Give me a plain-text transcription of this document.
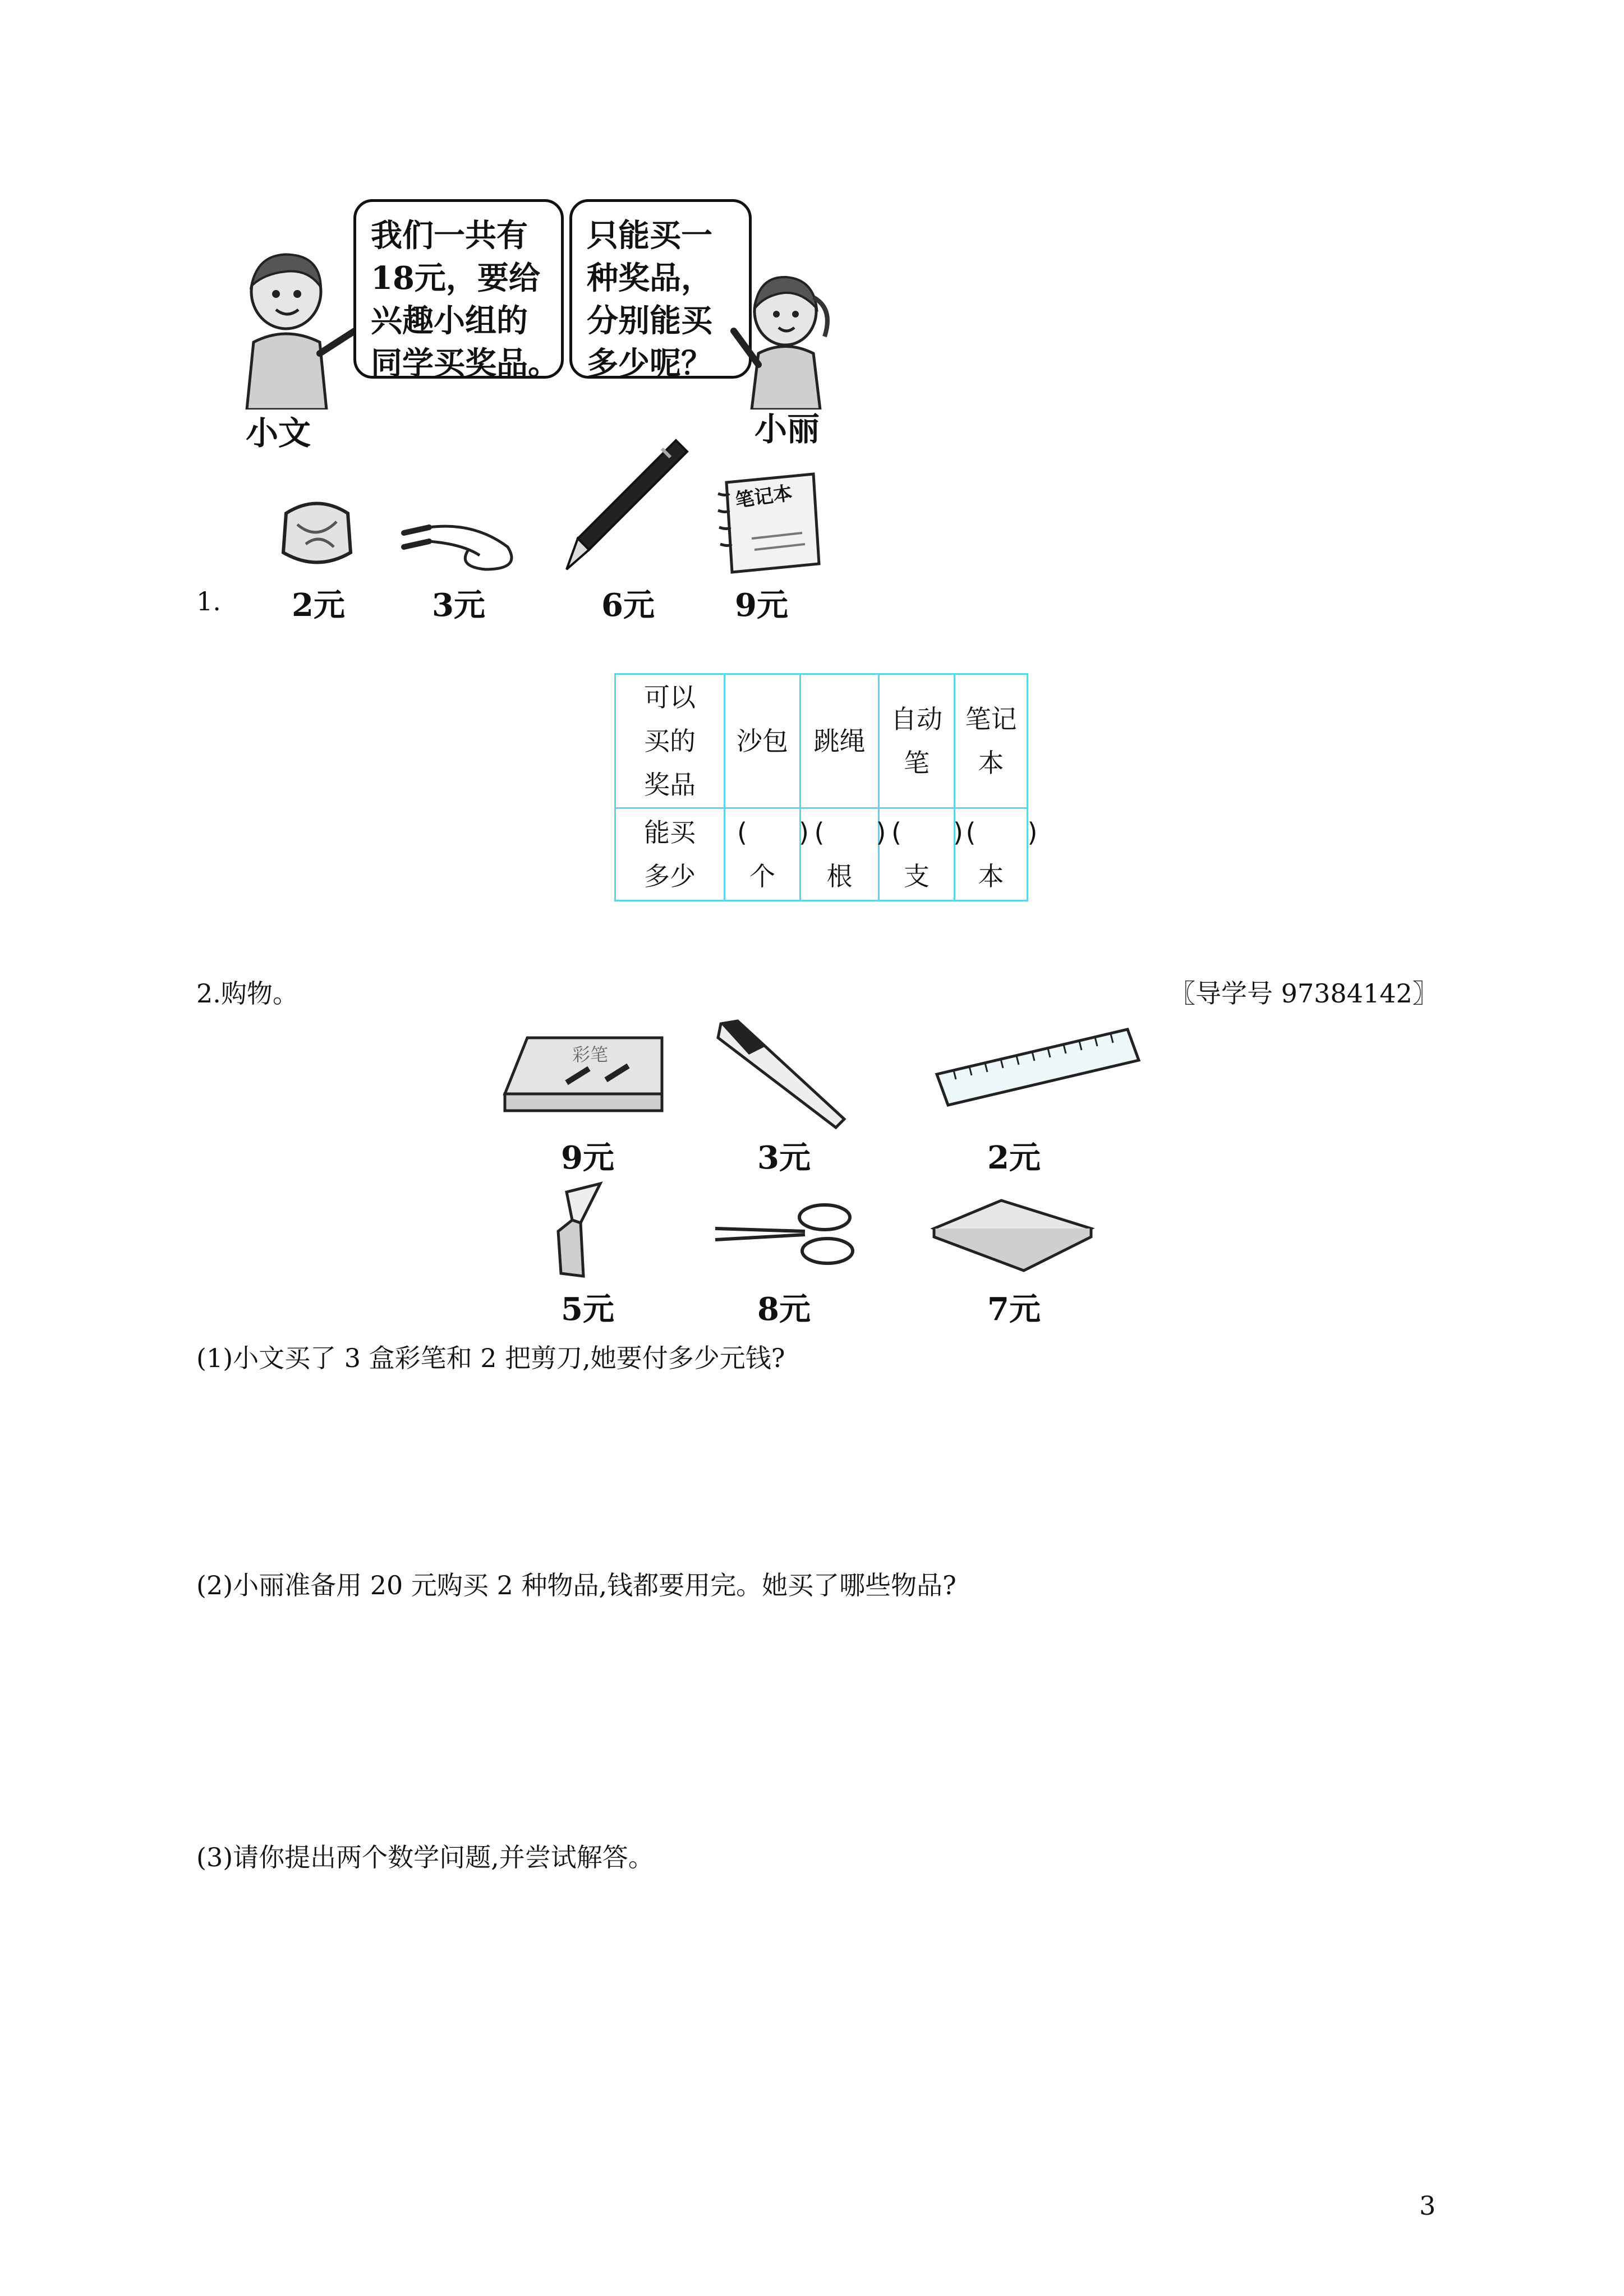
我们一共有
18元，要给
兴趣小组的
同学买奖品。
小文
只能买一
种奖品，
分别能买
多少呢？
小丽
1. 2元	3元	6元
笔记本
9元
可以买的奖品	沙包	跳绳	自动笔	笔记本

能买多少	(　　)个	(　　)根	(　　)支	(　　)本
2.购物。	〖导学号 97384142〗
彩笔
9元	3元	2元
5元	8元	7元
(1)小文买了 3 盒彩笔和 2 把剪刀,她要付多少元钱?
(2)小丽准备用 20 元购买 2 种物品,钱都要用完。她买了哪些物品?
(3)请你提出两个数学问题,并尝试解答。
3
